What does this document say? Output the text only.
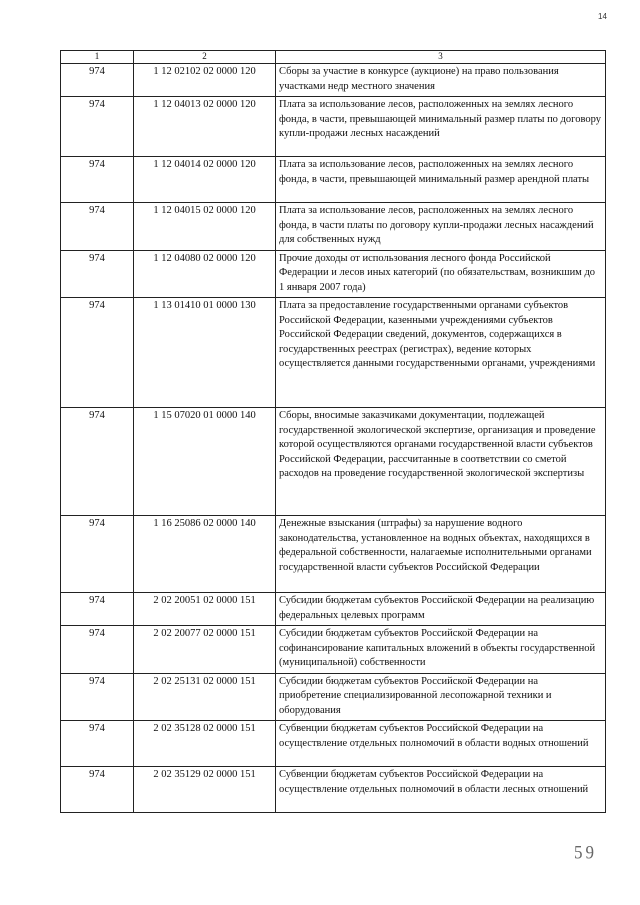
14
1	2	3
974	1 12 02102 02 0000 120	Сборы за участие в конкурсе (аукционе) на право пользования участками недр местного значения
974	1 12 04013 02 0000 120	Плата за использование лесов, расположенных на землях лесного фонда, в части, превышающей минимальный размер платы по договору купли-продажи лесных насаждений
974	1 12 04014 02 0000 120	Плата за использование лесов, расположенных на землях лесного фонда, в части, превышающей минимальный размер арендной платы
974	1 12 04015 02 0000 120	Плата за использование лесов, расположенных на землях лесного фонда, в части платы по договору купли-продажи лесных насаждений для собственных нужд
974	1 12 04080 02 0000 120	Прочие доходы от использования лесного фонда Российской Федерации и лесов иных категорий (по обязательствам, возникшим до 1 января 2007 года)
974	1 13 01410 01 0000 130	Плата за предоставление государственными органами субъектов Российской Федерации, казенными учреждениями субъектов Российской Федерации сведений, документов, содержащихся в государственных реестрах (регистрах), ведение которых осуществляется данными государственными органами, учреждениями
974	1 15 07020 01 0000 140	Сборы, вносимые заказчиками документации, подлежащей государственной экологической экспертизе, организация и проведение которой осуществляются органами государственной власти субъектов Российской Федерации, рассчитанные в соответствии со сметой расходов на проведение государственной экологической экспертизы
974	1 16 25086 02 0000 140	Денежные взыскания (штрафы) за нарушение водного законодательства, установленное на водных объектах, находящихся в федеральной собственности, налагаемые исполнительными органами государственной власти субъектов Российской Федерации
974	2 02 20051 02 0000 151	Субсидии бюджетам субъектов Российской Федерации на реализацию федеральных целевых программ
974	2 02 20077 02 0000 151	Субсидии бюджетам субъектов Российской Федерации на софинансирование капитальных вложений в объекты государственной (муниципальной) собственности
974	2 02 25131 02 0000 151	Субсидии бюджетам субъектов Российской Федерации на приобретение специализированной лесопожарной техники и оборудования
974	2 02 35128 02 0000 151	Субвенции бюджетам субъектов Российской Федерации на осуществление отдельных полномочий в области водных отношений
974	2 02 35129 02 0000 151	Субвенции бюджетам субъектов Российской Федерации на осуществление отдельных полномочий в области лесных отношений
59
